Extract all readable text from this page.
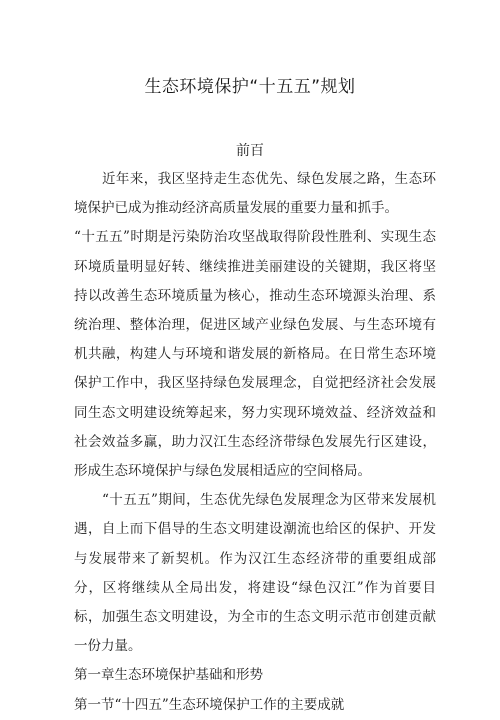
生态环境保护“十五五”规划
前百

近年来，我区坚持走生态优先、绿色发展之路，生态环境保护已成为推动经济高质量发展的重要力量和抓手。

“十五五”时期是污染防治攻坚战取得阶段性胜利、实现生态环境质量明显好转、继续推进美丽建设的关键期，我区将坚持以改善生态环境质量为核心，推动生态环境源头治理、系统治理、整体治理，促进区域产业绿色发展、与生态环境有机共融，构建人与环境和谐发展的新格局。在日常生态环境保护工作中，我区坚持绿色发展理念，自觉把经济社会发展同生态文明建设统筹起来，努力实现环境效益、经济效益和社会效益多赢，助力汉江生态经济带绿色发展先行区建设，形成生态环境保护与绿色发展相适应的空间格局。

“十五五”期间，生态优先绿色发展理念为区带来发展机遇，自上而下倡导的生态文明建设潮流也给区的保护、开发与发展带来了新契机。作为汉江生态经济带的重要组成部分，区将继续从全局出发，将建设“绿色汉江”作为首要目标，加强生态文明建设，为全市的生态文明示范市创建贡献一份力量。

第一章生态环境保护基础和形势

第一节“十四五”生态环境保护工作的主要成就
